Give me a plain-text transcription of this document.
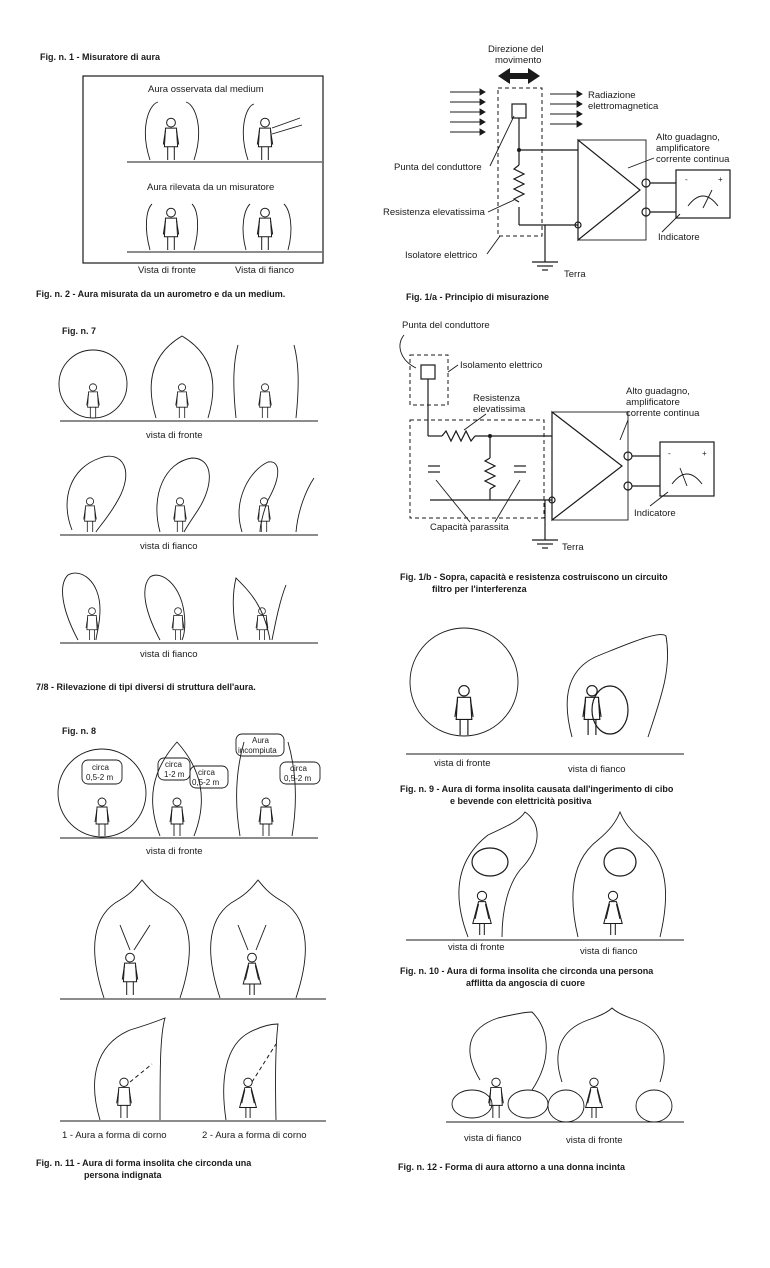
Fig. n. 1 - Misuratore di aura
Aura osservata dal medium
Aura rilevata da un misuratore
Vista di fronte	Vista di fianco
Fig. n. 2 - Aura misurata da un aurometro e da un medium.
Direzione del
movimento
Radiazione
elettromagnetica
-	+
Alto guadagno,
amplificatore
corrente continua
Punta del conduttore
Resistenza elevatissima
Isolatore elettrico
Indicatore
Terra
Fig. 1/a - Principio di misurazione
Fig. n. 7
vista di fronte
vista di fianco
vista di fianco
7/8 - Rilevazione di tipi diversi di struttura dell'aura.
Punta del conduttore
Isolamento elettrico
Resistenza
elevatissima
-	+
Alto guadagno,
amplificatore
corrente continua
Capacità parassita
Indicatore
Terra
Fig. 1/b - Sopra, capacità e resistenza costruiscono un circuito
filtro per l'interferenza
Fig. n. 8
circa
0,5-2 m
circa
1-2 m circa
0,5-2 m
Aura
incompiuta
circa
0,5-2 m
vista di fronte
1 - Aura a forma di corno	2 - Aura a forma di corno
Fig. n. 11 - Aura di forma insolita che circonda una
persona indignata
vista di fronte
vista di fianco
Fig. n. 9 - Aura di forma insolita causata dall'ingerimento di cibo
e bevende con elettricità positiva
vista di fronte	vista di fianco
Fig. n. 10 - Aura di forma insolita che circonda una persona
afflitta da angoscia di cuore
vista di fianco	vista di fronte
Fig. n. 12 - Forma di aura attorno a una donna incinta
